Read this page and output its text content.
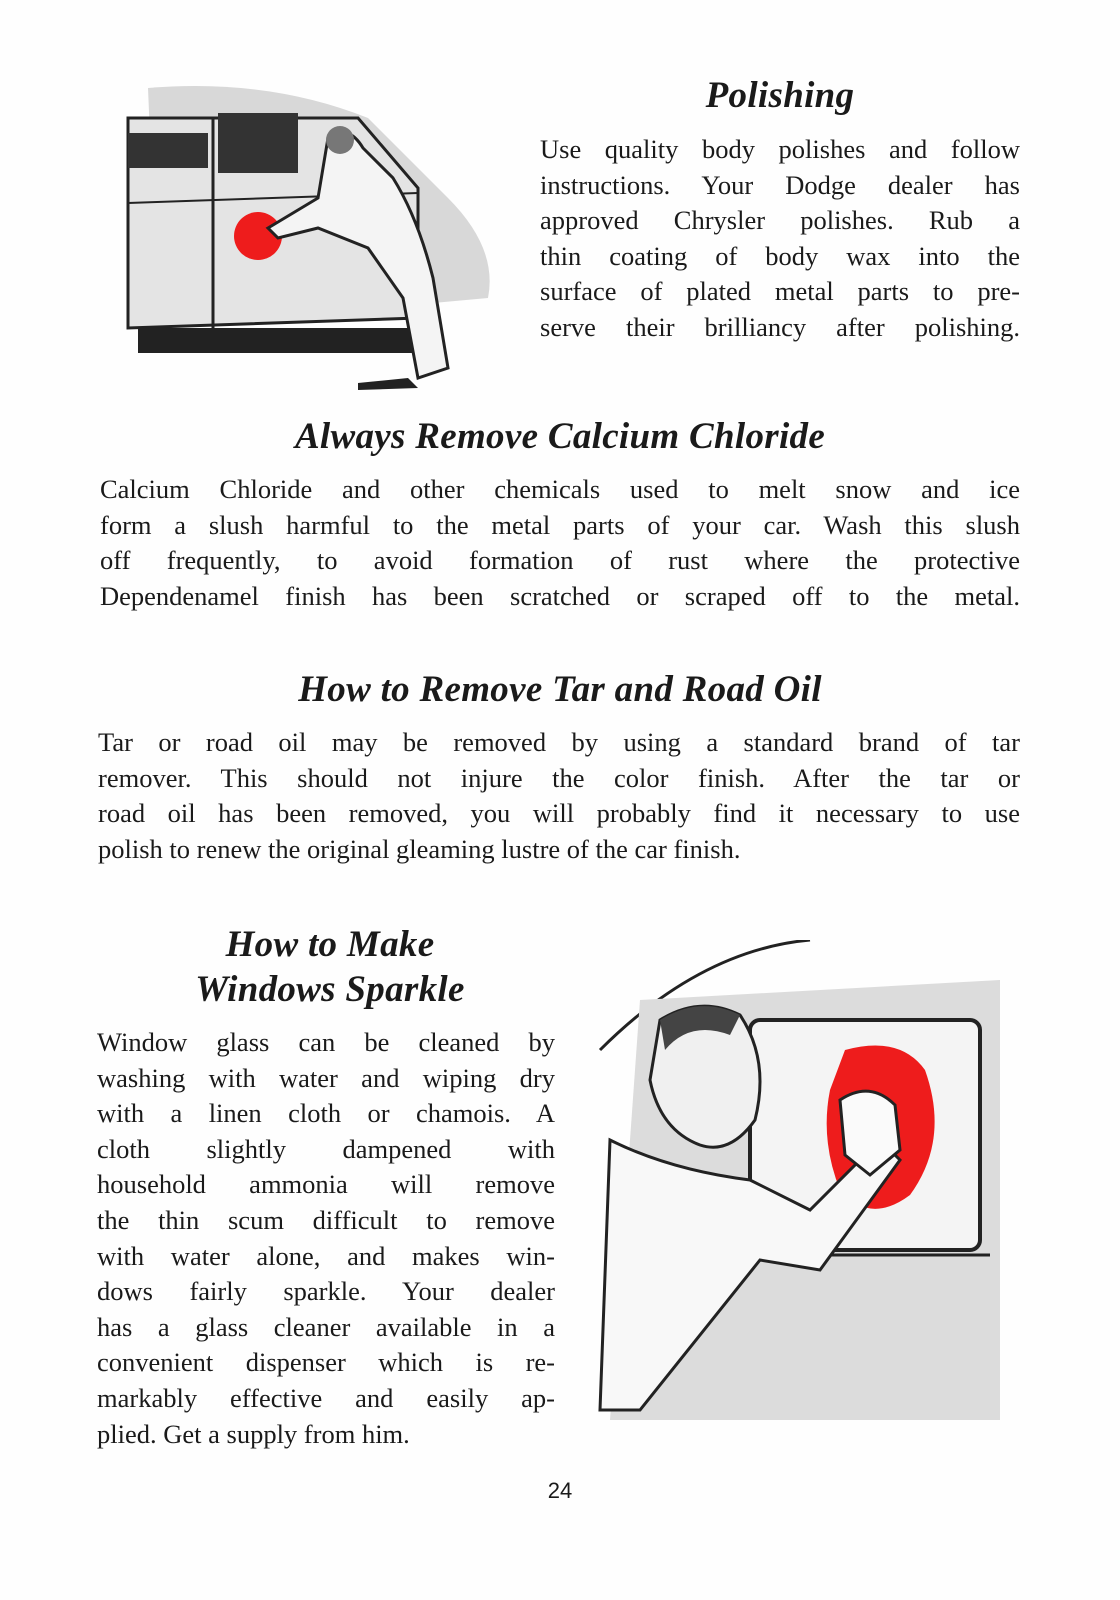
Polishing
Use quality body polishes and follow
instructions. Your Dodge dealer has
approved Chrysler polishes. Rub a
thin coating of body wax into the
surface of plated metal parts to pre-
serve their brilliancy after polishing.
Always Remove Calcium Chloride
Calcium Chloride and other chemicals used to melt snow and ice
form a slush harmful to the metal parts of your car. Wash this slush
off frequently, to avoid formation of rust where the protective
Dependenamel finish has been scratched or scraped off to the metal.
How to Remove Tar and Road Oil
Tar or road oil may be removed by using a standard brand of tar
remover. This should not injure the color finish. After the tar or
road oil has been removed, you will probably find it necessary to use
polish to renew the original gleaming lustre of the car finish.
How to Make
Windows Sparkle
Window glass can be cleaned by
washing with water and wiping dry
with a linen cloth or chamois. A
cloth slightly dampened with
household ammonia will remove
the thin scum difficult to remove
with water alone, and makes win-
dows fairly sparkle. Your dealer
has a glass cleaner available in a
convenient dispenser which is re-
markably effective and easily ap-
plied. Get a supply from him.
24
